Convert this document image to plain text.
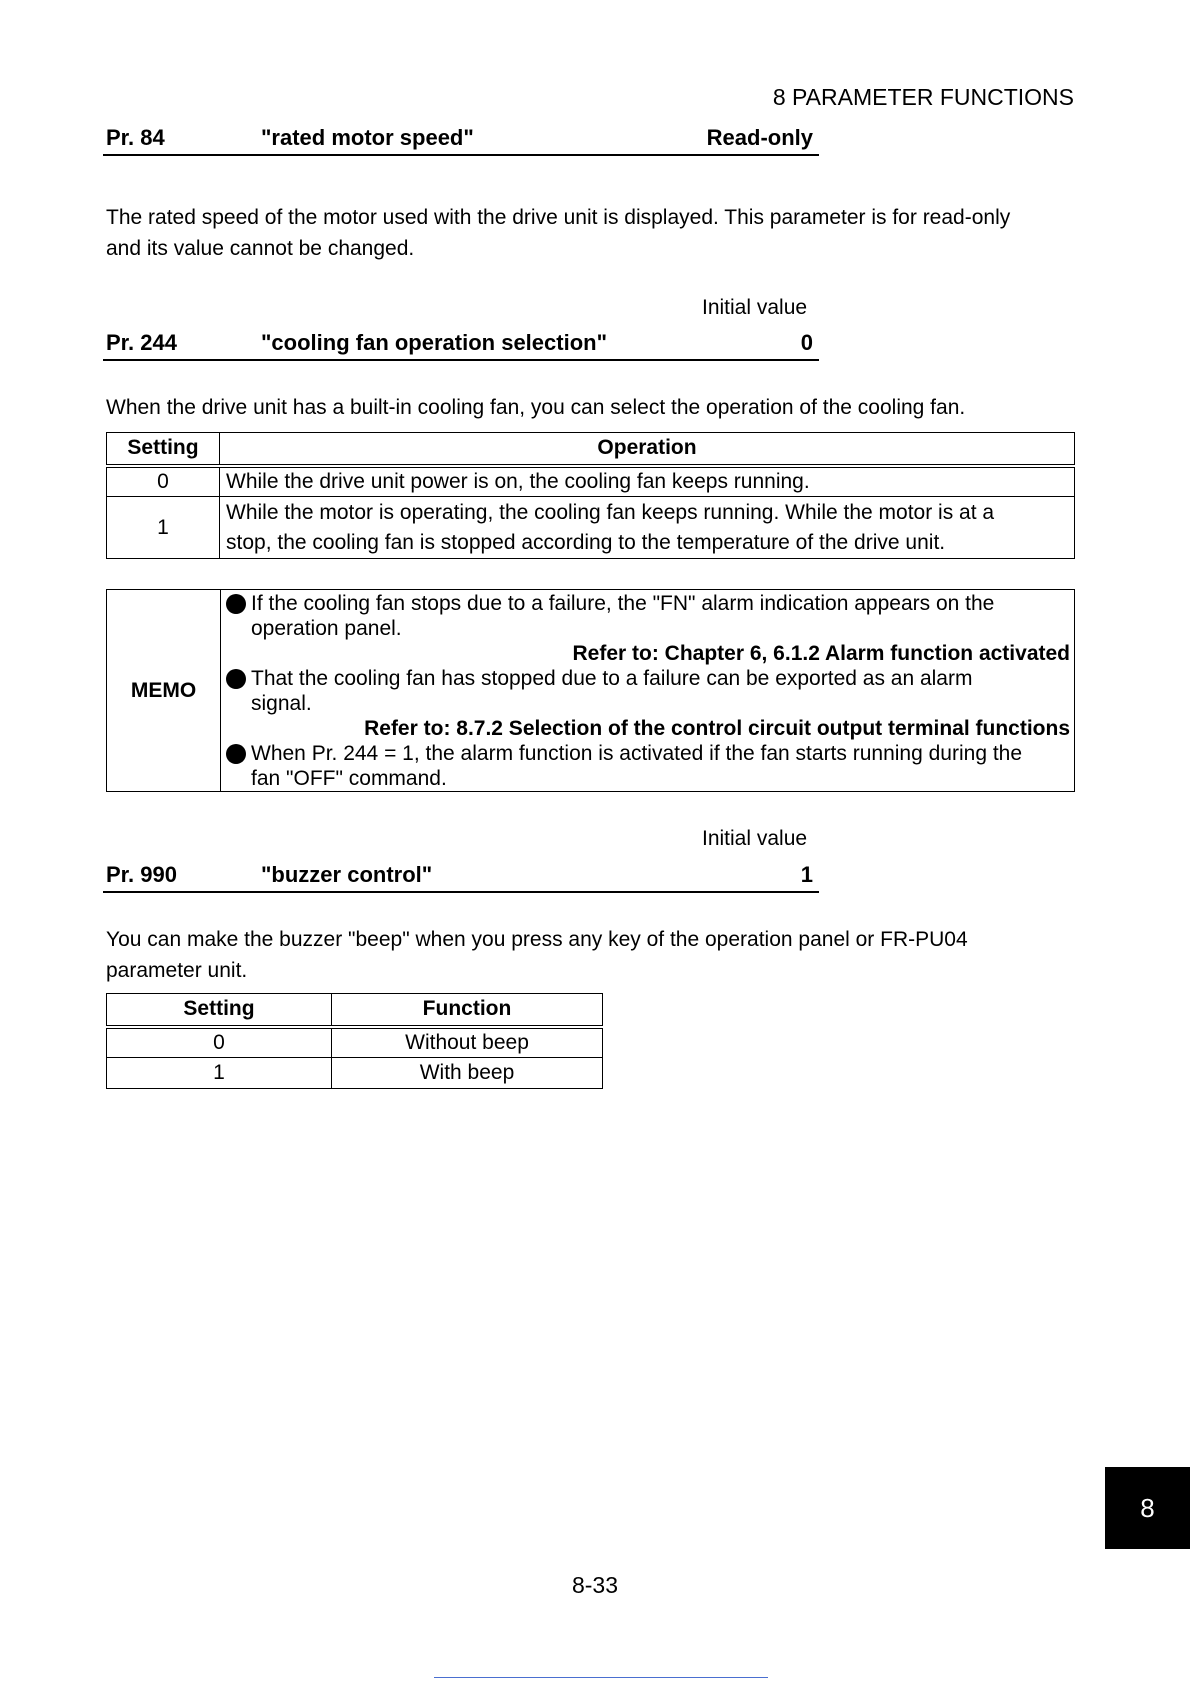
8 PARAMETER FUNCTIONS
Pr. 84	"rated motor speed"	Read-only
The rated speed of the motor used with the drive unit is displayed. This parameter is for read-only
and its value cannot be changed.
Initial value
Pr. 244	"cooling fan operation selection"	0
When the drive unit has a built-in cooling fan, you can select the operation of the cooling fan.
Setting	Operation
0	While the drive unit power is on, the cooling fan keeps running.
1	While the motor is operating, the cooling fan keeps running. While the motor is at a
stop, the cooling fan is stopped according to the temperature of the drive unit.
MEMO
If the cooling fan stops due to a failure, the "FN" alarm indication appears on the
operation panel.
Refer to: Chapter 6, 6.1.2 Alarm function activated
That the cooling fan has stopped due to a failure can be exported as an alarm
signal.
Refer to: 8.7.2 Selection of the control circuit output terminal functions
When Pr. 244 = 1, the alarm function is activated if the fan starts running during the
fan "OFF" command.
Initial value
Pr. 990	"buzzer control"	1
You can make the buzzer "beep" when you press any key of the operation panel or FR-PU04
parameter unit.
Setting	Function
0	Without beep
1	With beep
8
8-33
